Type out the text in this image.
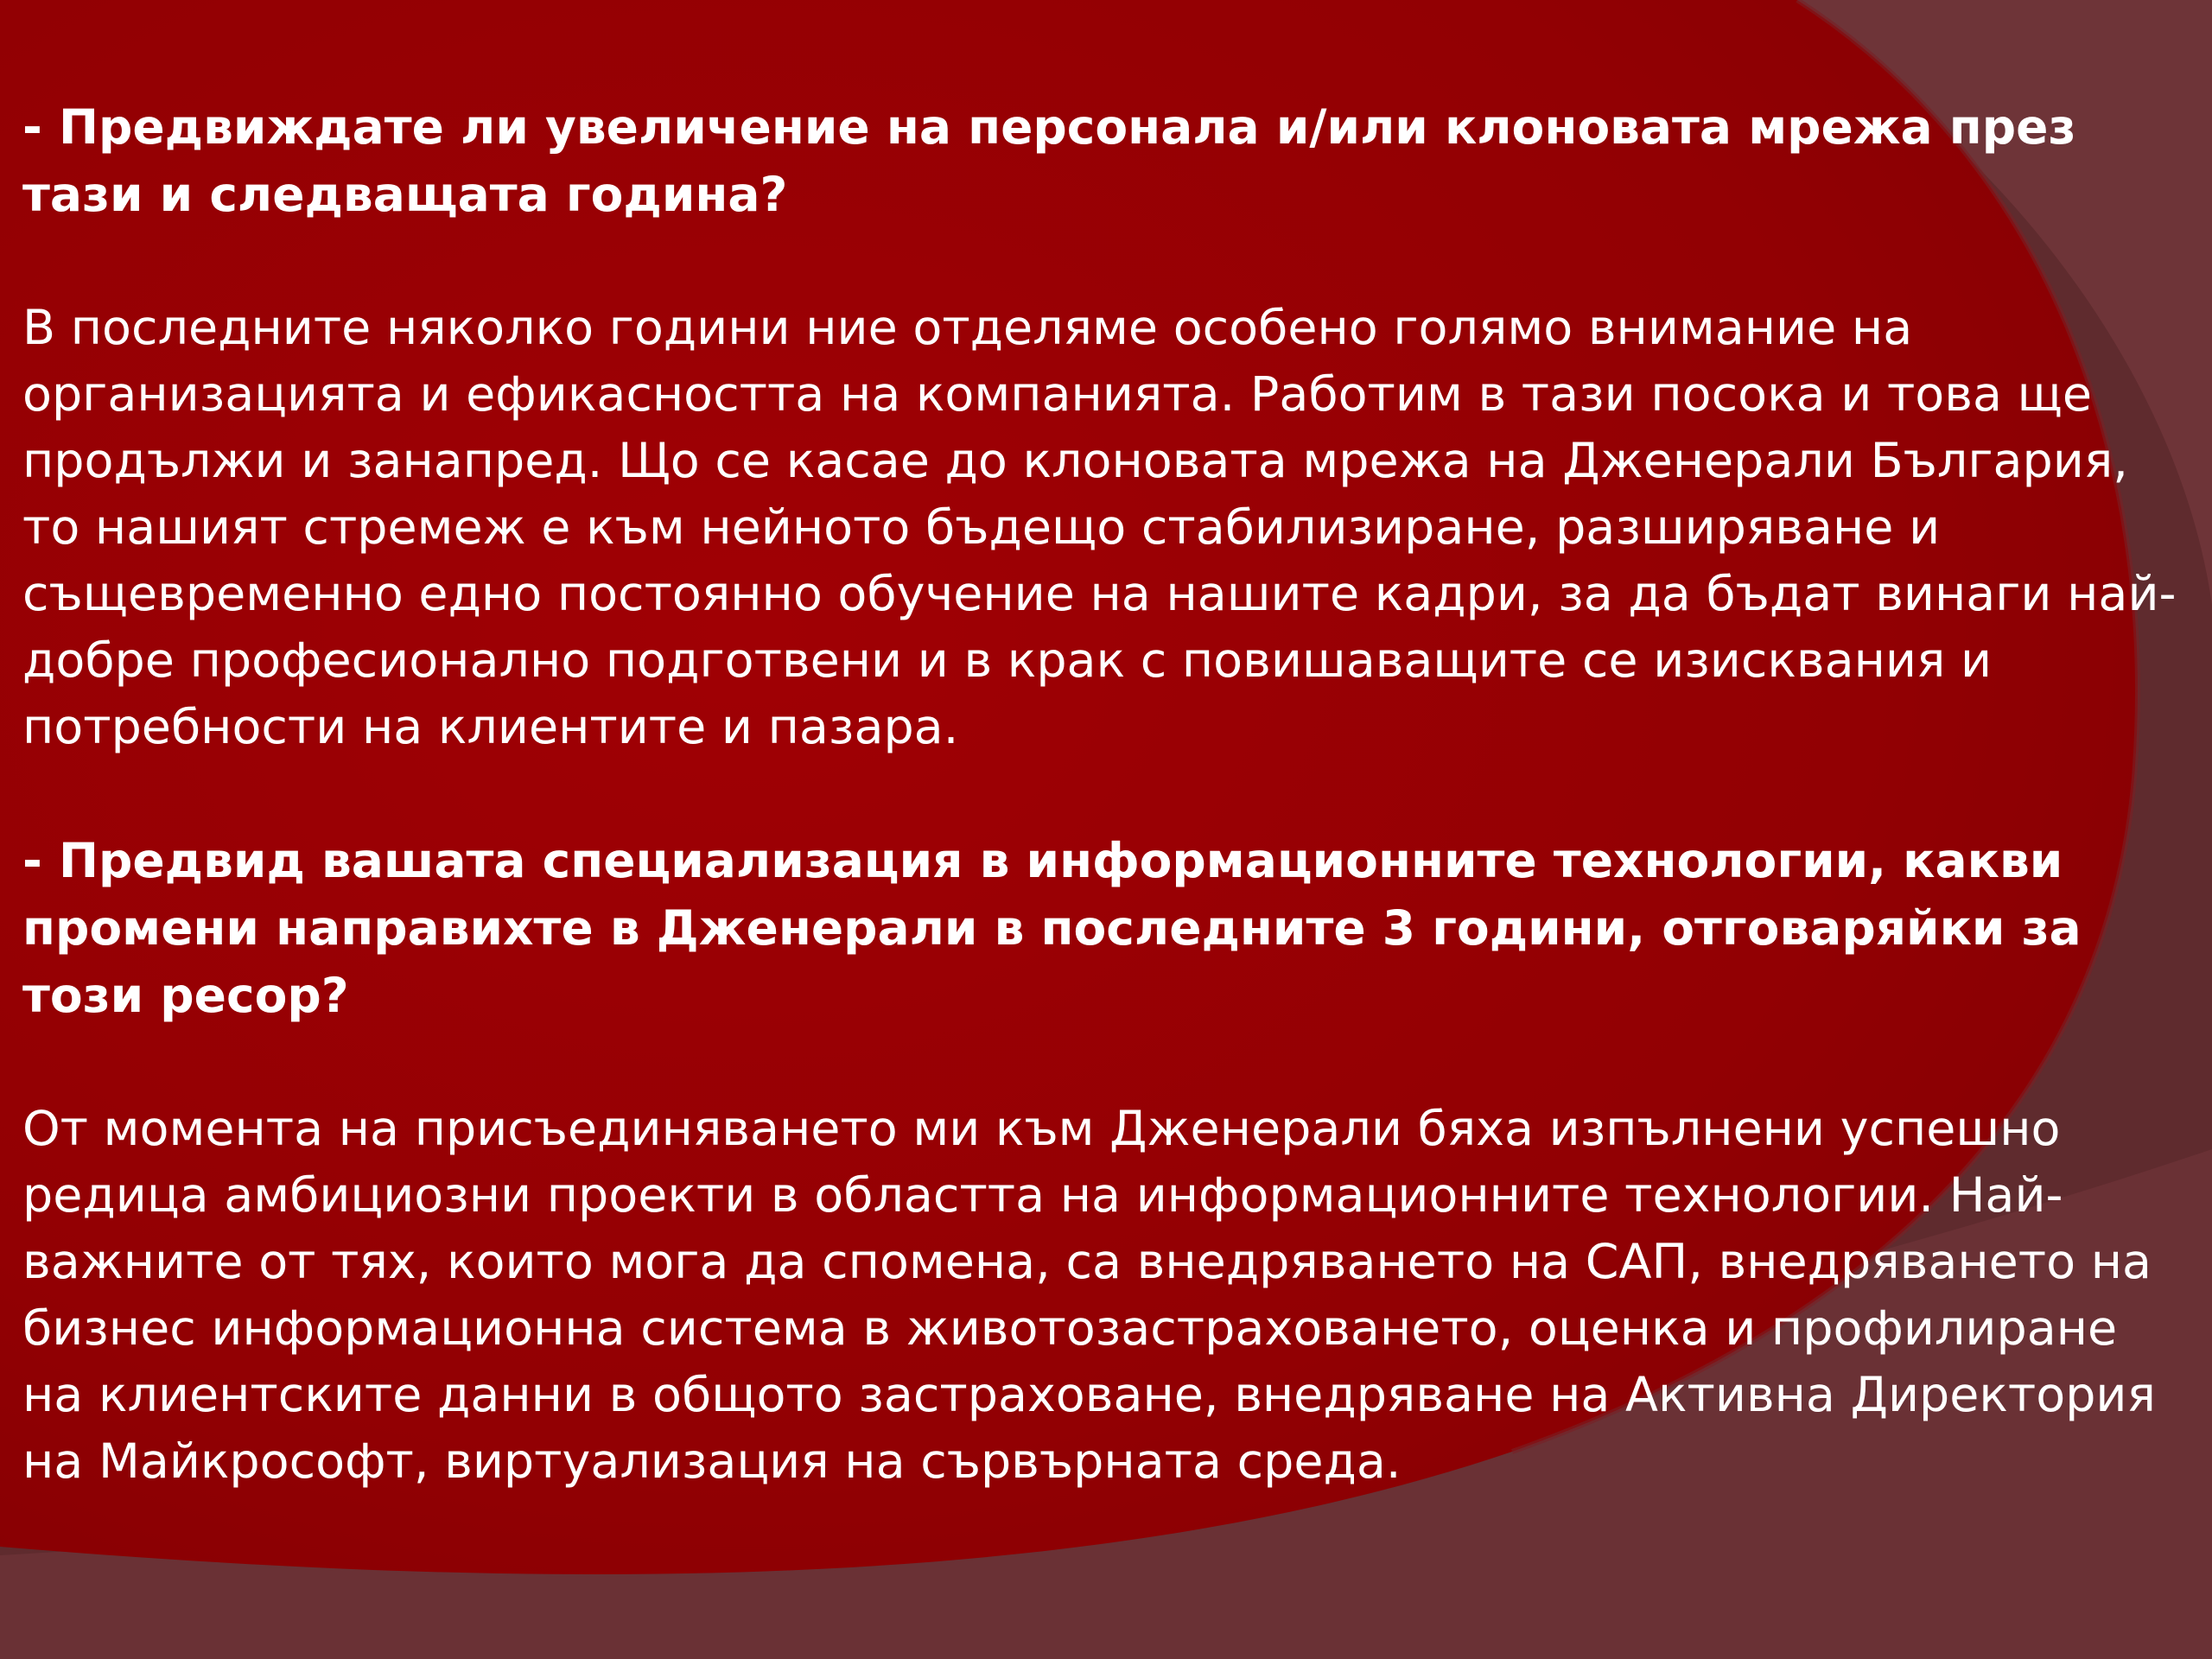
- Предвиждате ли увеличение на персонала и/или клоновата мрежа през
тази и следващата година?

В последните няколко години ние отделяме особено голямо внимание на
организацията и ефикасността на компанията. Работим в тази посока и това ще
продължи и занапред. Що се касае до клоновата мрежа на Дженерали България,
то нашият стремеж е към нейното бъдещо стабилизиране, разширяване и
същевременно едно постоянно обучение на нашите кадри, за да бъдат винаги най-
добре професионално подготвени и в крак с повишаващите се изисквания и
потребности на клиентите и пазара.

- Предвид вашата специализация в информационните технологии, какви
промени направихте в Дженерали в последните 3 години, отговаряйки за
този ресор?

От момента на присъединяването ми към Дженерали бяха изпълнени успешно
редица амбициозни проекти в областта на информационните технологии. Най-
важните от тях, които мога да спомена, са внедряването на САП, внедряването на
бизнес информационна система в животозастраховането, оценка и профилиране
на клиентските данни в общото застраховане, внедряване на Активна Директория
на Майкрософт, виртуализация на сървърната среда.
